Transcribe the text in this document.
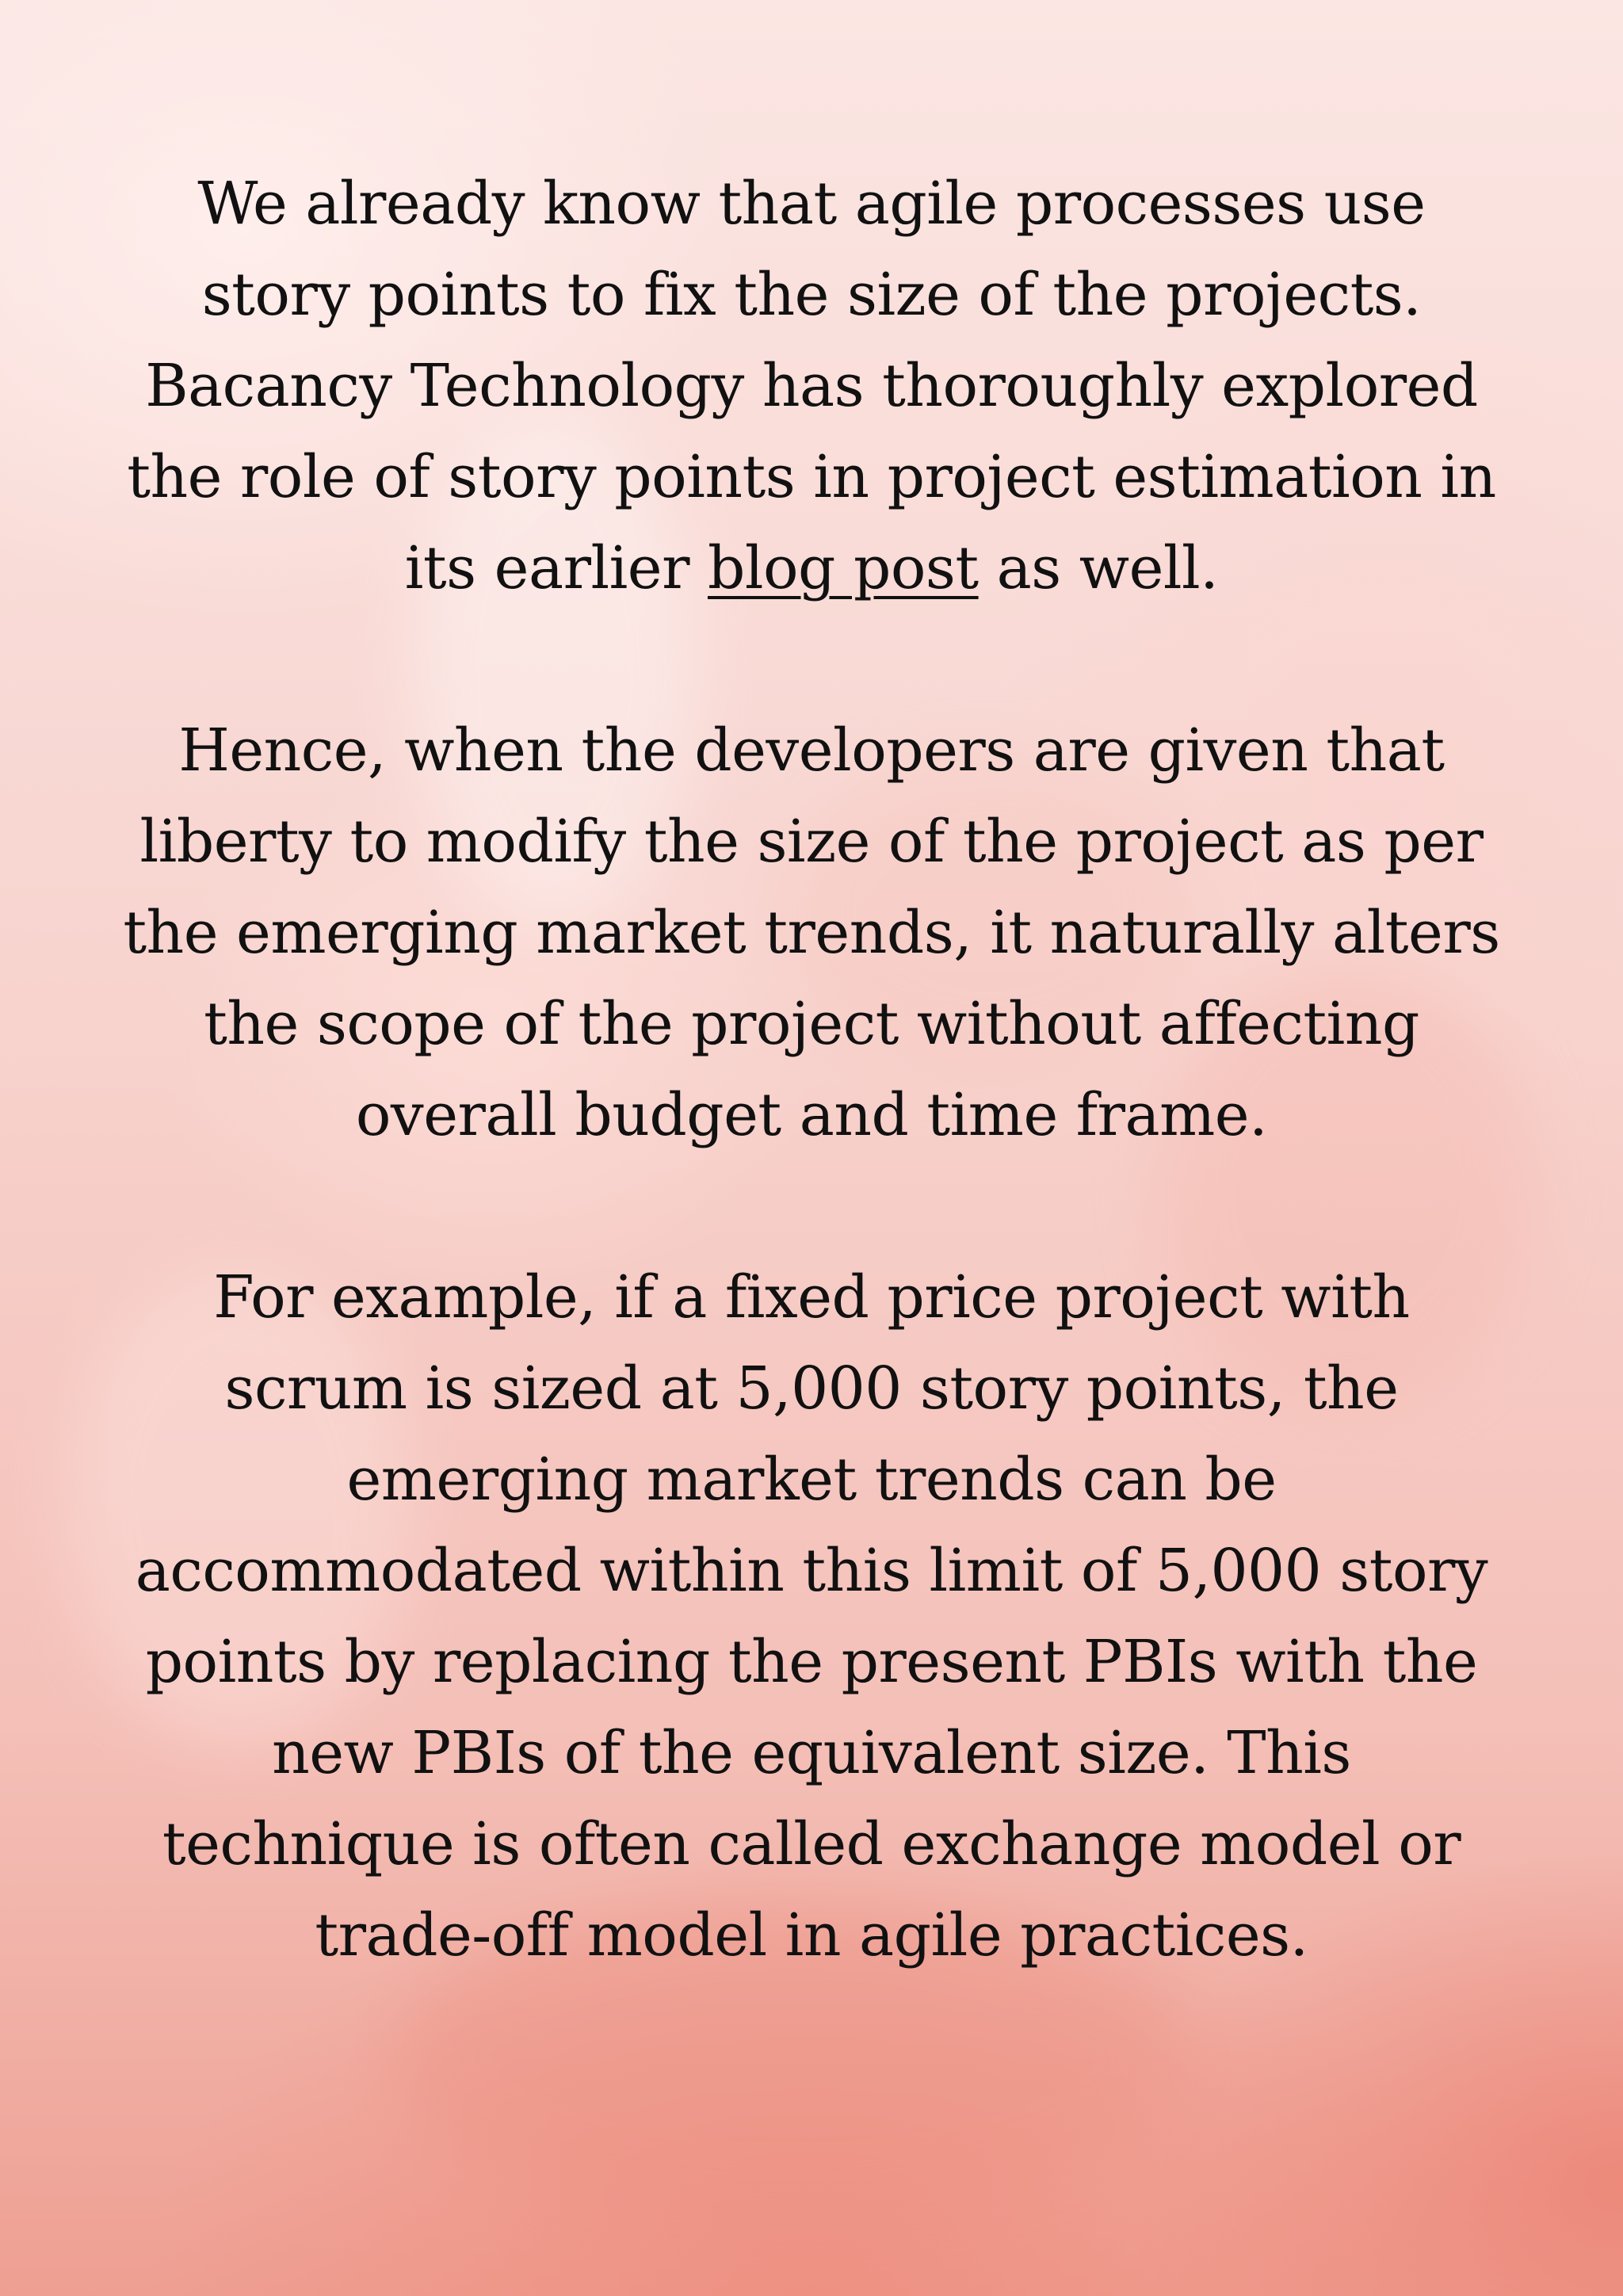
We already know that agile processes use story points to fix the size of the projects. Bacancy Technology has thoroughly explored the role of story points in project estimation in its earlier blog post as well.

Hence, when the developers are given that liberty to modify the size of the project as per the emerging market trends, it naturally alters the scope of the project without affecting overall budget and time frame.

For example, if a fixed price project with scrum is sized at 5,000 story points, the emerging market trends can be accommodated within this limit of 5,000 story points by replacing the present PBIs with the new PBIs of the equivalent size. This technique is often called exchange model or trade-off model in agile practices.
